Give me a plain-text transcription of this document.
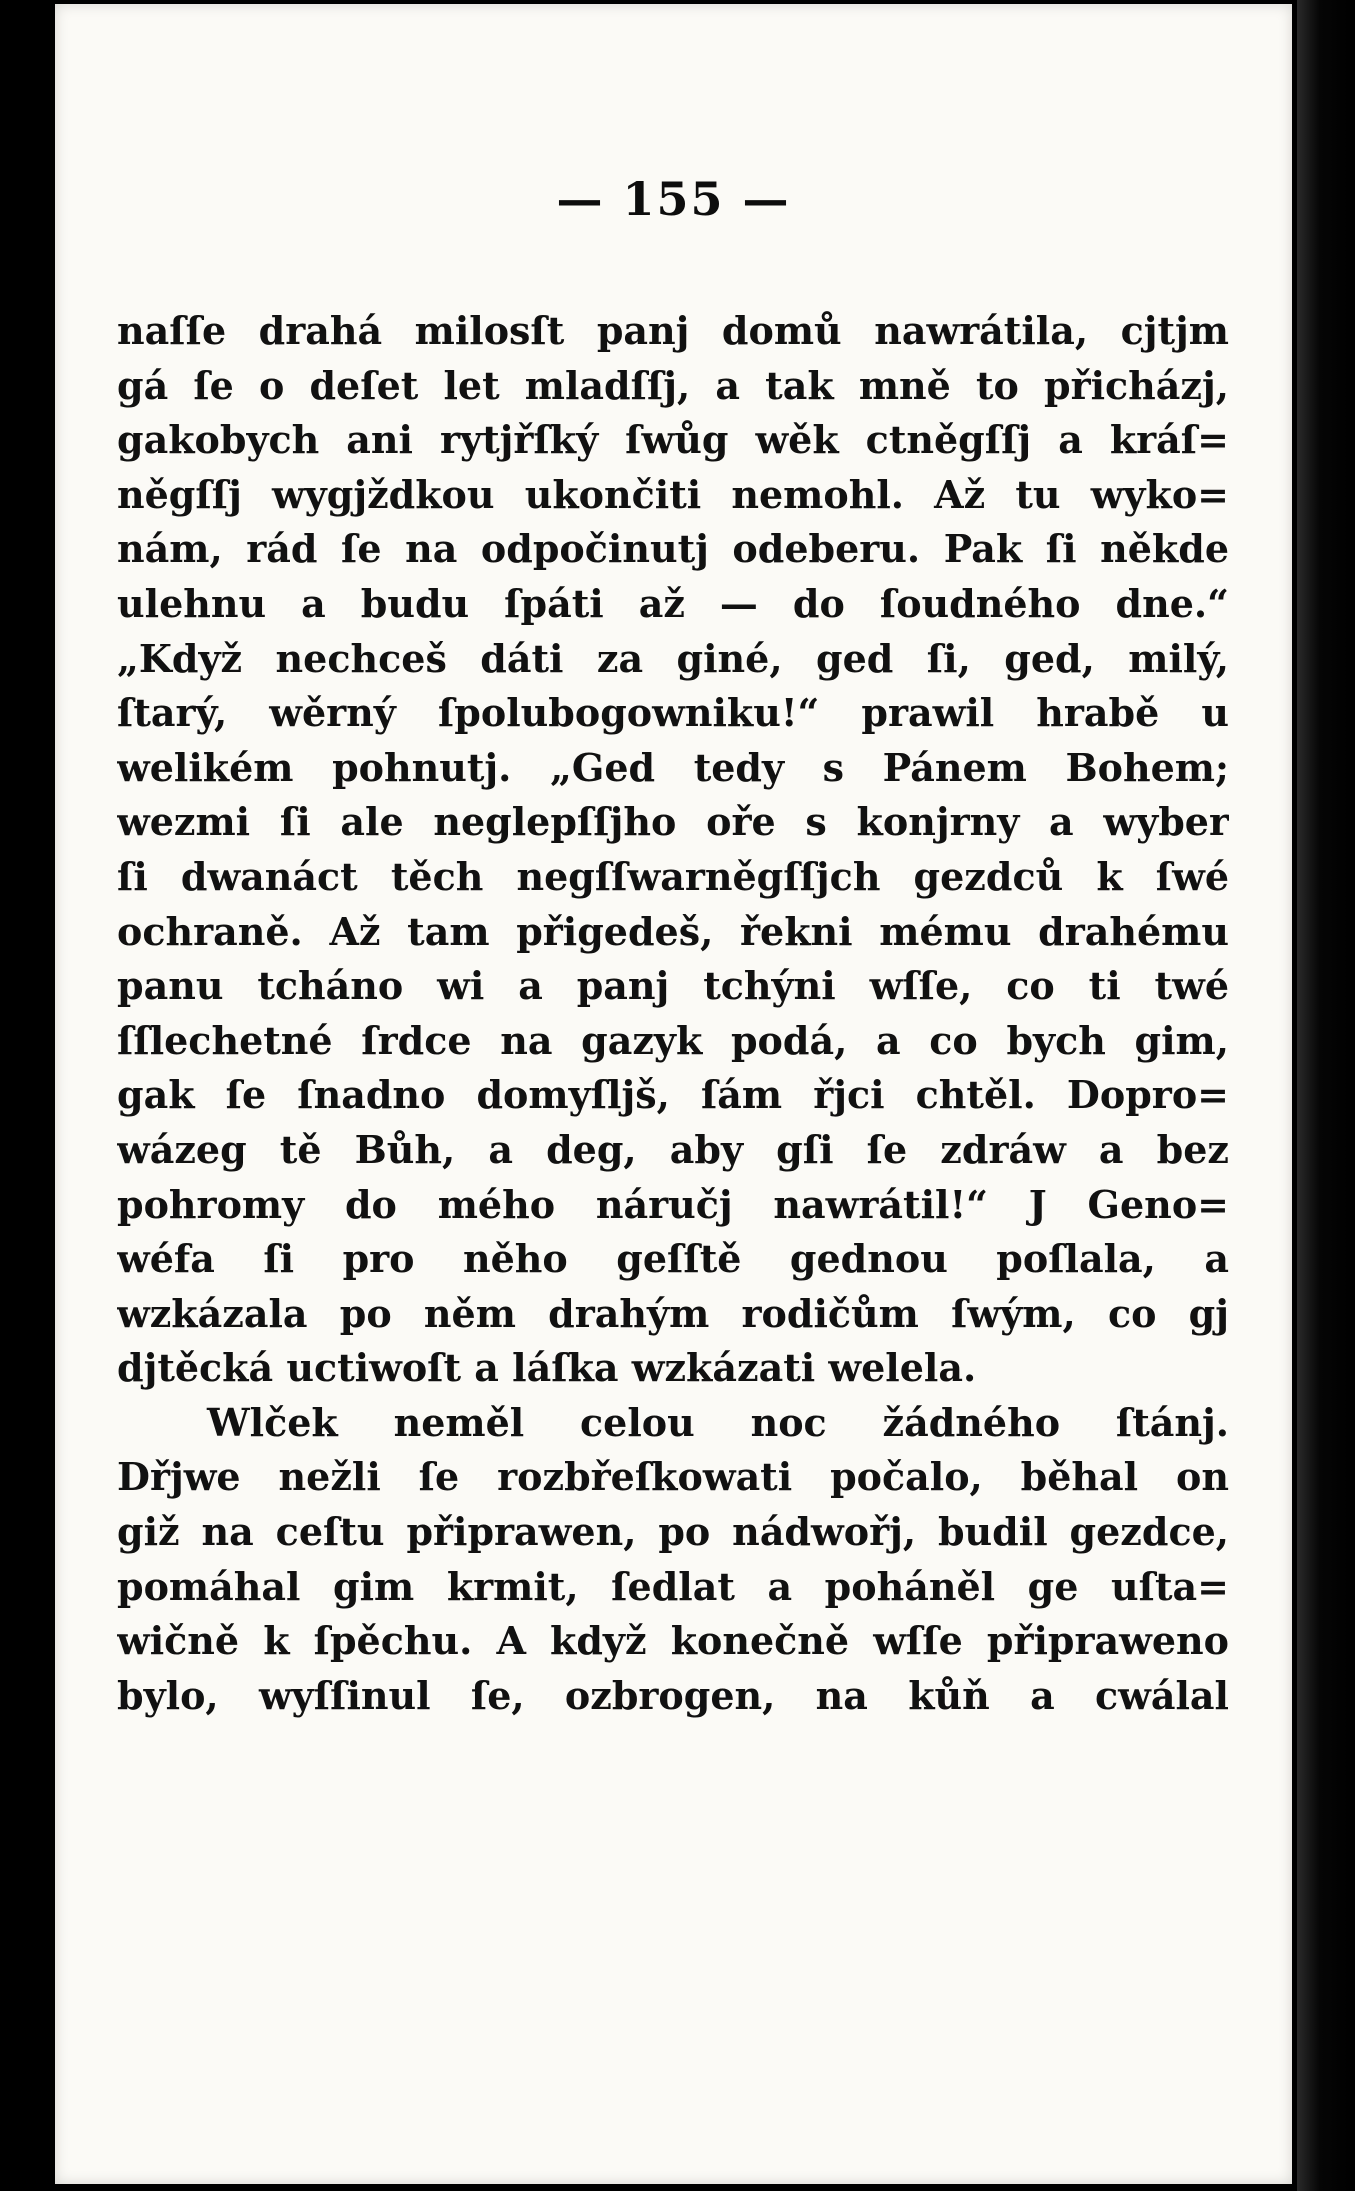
— 155 —
naſſe drahá milosſt panj domů nawrátila, cjtjm
gá ſe o deſet let mladſſj, a tak mně to přicházj,
gakobych ani rytjřſký ſwůg wěk ctněgſſj a kráſ=
něgſſj wygjždkou ukončiti nemohl. Až tu wyko=
nám, rád ſe na odpočinutj odeberu. Pak ſi někde
ulehnu a budu ſpáti až — do ſoudného dne.“
„Když nechceš dáti za giné, ged ſi, ged, milý,
ſtarý, wěrný ſpolubogowniku!“ prawil hrabě u
welikém pohnutj. „Ged tedy s Pánem Bohem;
wezmi ſi ale neglepſſjho oře s konjrny a wyber
ſi dwanáct těch negſſwarněgſſjch gezdců k ſwé
ochraně. Až tam přigedeš, řekni mému drahému
panu tcháno wi a panj tchýni wſſe, co ti twé
ſſlechetné ſrdce na gazyk podá, a co bych gim,
gak ſe ſnadno domyſljš, ſám řjci chtěl. Dopro=
wázeg tě Bůh, a deg, aby gſi ſe zdráw a bez
pohromy do mého náručj nawrátil!“ J Geno=
wéfa ſi pro něho geſſtě gednou poſlala, a
wzkázala po něm drahým rodičům ſwým, co gj
djtěcká uctiwoſt a láſka wzkázati welela.
Wlček neměl celou noc žádného ſtánj.
Dřjwe nežli ſe rozbřeſkowati počalo, běhal on
giž na ceſtu připrawen, po nádwořj, budil gezdce,
pomáhal gim krmit, ſedlat a poháněl ge uſta=
wičně k ſpěchu. A když konečně wſſe připraweno
bylo, wyſſinul ſe, ozbrogen, na kůň a cwálal
